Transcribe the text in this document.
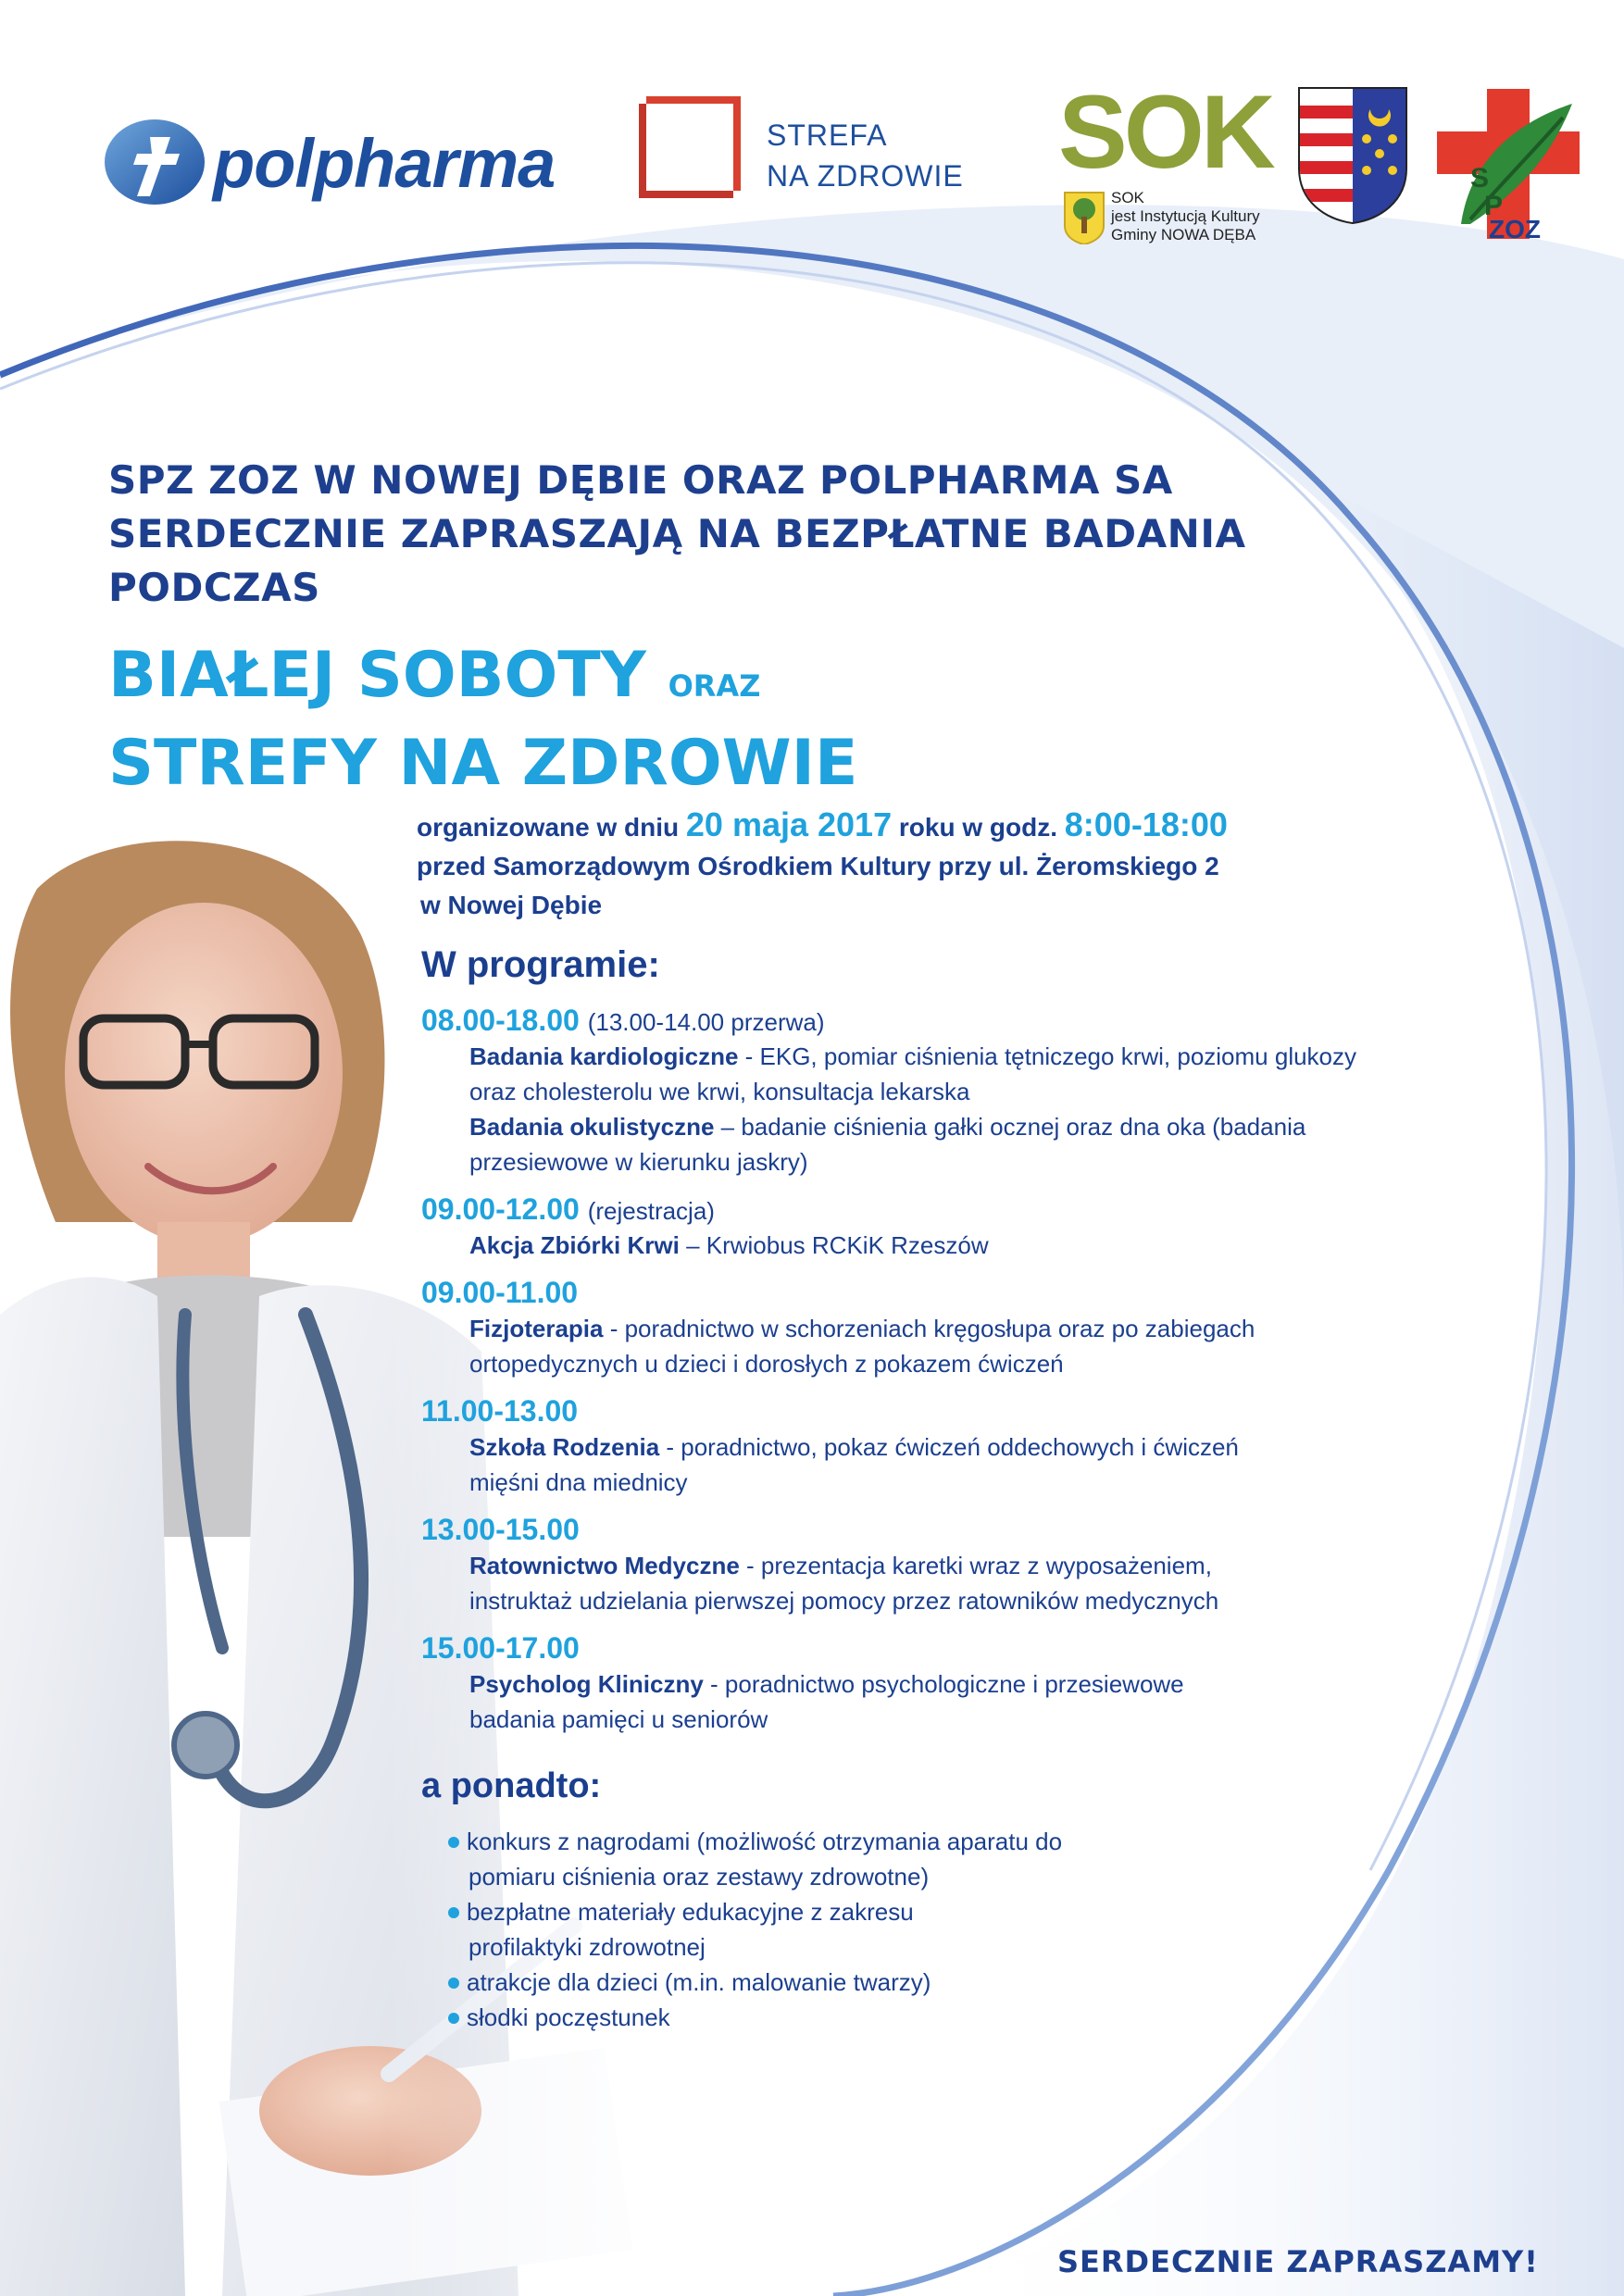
polpharma	STREFA
NA ZDROWIE SOK
SOK
jest Instytucją Kultury
Gminy NOWA DĘBA
S
P
ZOZ
SPZ ZOZ W NOWEJ DĘBIE ORAZ POLPHARMA SA
SERDECZNIE ZAPRASZAJĄ NA BEZPŁATNE BADANIA
PODCZAS
BIAŁEJ SOBOTY ORAZ
STREFY NA ZDROWIE
organizowane w dniu 20 maja 2017 roku w godz. 8:00-18:00
przed Samorządowym Ośrodkiem Kultury przy ul. Żeromskiego 2
w Nowej Dębie
W programie:
08.00-18.00 (13.00-14.00 przerwa)
Badania kardiologiczne - EKG, pomiar ciśnienia tętniczego krwi, poziomu glukozy
oraz cholesterolu we krwi, konsultacja lekarska
Badania okulistyczne – badanie ciśnienia gałki ocznej oraz dna oka (badania
przesiewowe w kierunku jaskry)
09.00-12.00 (rejestracja)
Akcja Zbiórki Krwi – Krwiobus RCKiK Rzeszów
09.00-11.00
Fizjoterapia - poradnictwo w schorzeniach kręgosłupa oraz po zabiegach
ortopedycznych u dzieci i dorosłych z pokazem ćwiczeń
11.00-13.00
Szkoła Rodzenia - poradnictwo, pokaz ćwiczeń oddechowych i ćwiczeń
mięśni dna miednicy
13.00-15.00
Ratownictwo Medyczne - prezentacja karetki wraz z wyposażeniem,
instruktaż udzielania pierwszej pomocy przez ratowników medycznych
15.00-17.00
Psycholog Kliniczny - poradnictwo psychologiczne i przesiewowe
badania pamięci u seniorów
a ponadto:
konkurs z nagrodami (możliwość otrzymania aparatu do
pomiaru ciśnienia oraz zestawy zdrowotne)
bezpłatne materiały edukacyjne z zakresu
profilaktyki zdrowotnej
atrakcje dla dzieci (m.in. malowanie twarzy)
słodki poczęstunek
SERDECZNIE ZAPRASZAMY!
